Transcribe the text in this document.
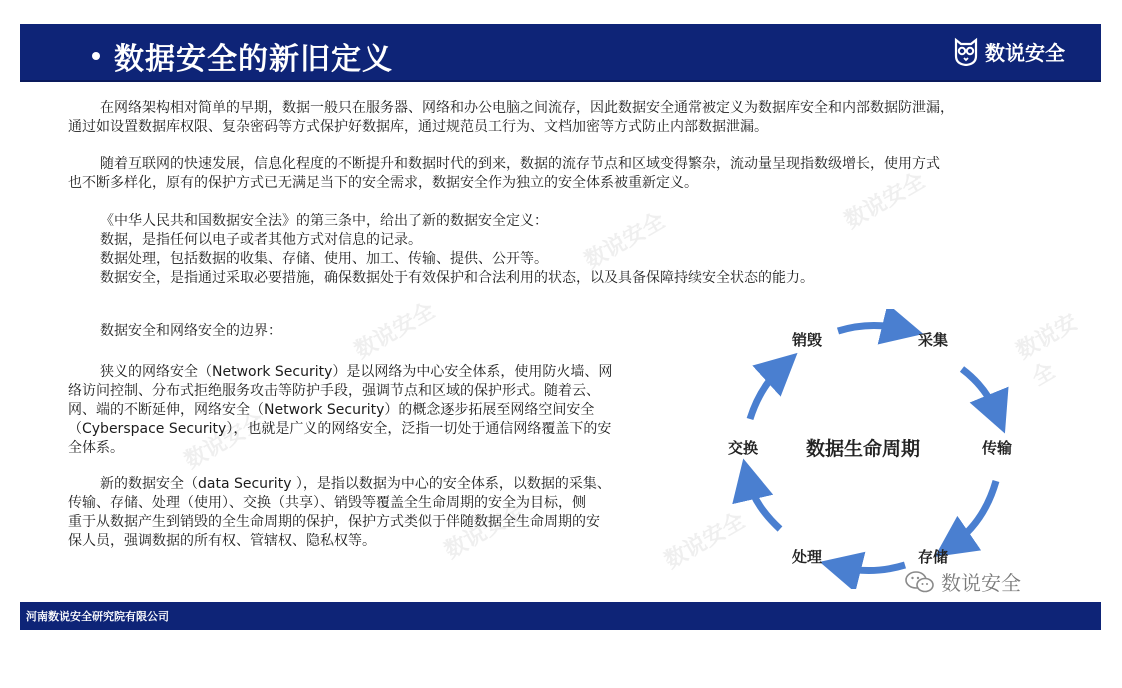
数说安全
数说安全
数说安全
数说安全
数说安全	数说安全
数说安全
数据安全的新旧定义	数说安全
在网络架构相对简单的早期，数据一般只在服务器、网络和办公电脑之间流存，因此数据安全通常被定义为数据库安全和内部数据防泄漏，
通过如设置数据库权限、复杂密码等方式保护好数据库，通过规范员工行为、文档加密等方式防止内部数据泄漏。
随着互联网的快速发展，信息化程度的不断提升和数据时代的到来，数据的流存节点和区域变得繁杂，流动量呈现指数级增长，使用方式
也不断多样化，原有的保护方式已无满足当下的安全需求，数据安全作为独立的安全体系被重新定义。
《中华人民共和国数据安全法》的第三条中，给出了新的数据安全定义：
数据，是指任何以电子或者其他方式对信息的记录。
数据处理，包括数据的收集、存储、使用、加工、传输、提供、公开等。
数据安全，是指通过采取必要措施，确保数据处于有效保护和合法利用的状态，以及具备保障持续安全状态的能力。
数据安全和网络安全的边界：
狭义的网络安全（Network Security）是以网络为中心安全体系，使用防火墙、网
络访问控制、分布式拒绝服务攻击等防护手段，强调节点和区域的保护形式。随着云、
网、端的不断延伸，网络安全（Network Security）的概念逐步拓展至网络空间安全
（Cyberspace Security），也就是广义的网络安全，泛指一切处于通信网络覆盖下的安
全体系。
新的数据安全（data Security ），是指以数据为中心的安全体系，以数据的采集、
传输、存储、处理（使用）、交换（共享）、销毁等覆盖全生命周期的安全为目标，侧
重于从数据产生到销毁的全生命周期的保护，保护方式类似于伴随数据全生命周期的安
保人员，强调数据的所有权、管辖权、隐私权等。
销毁	采集
传输
存储
处理
交换	数据生命周期
数说安全
河南数说安全研究院有限公司
